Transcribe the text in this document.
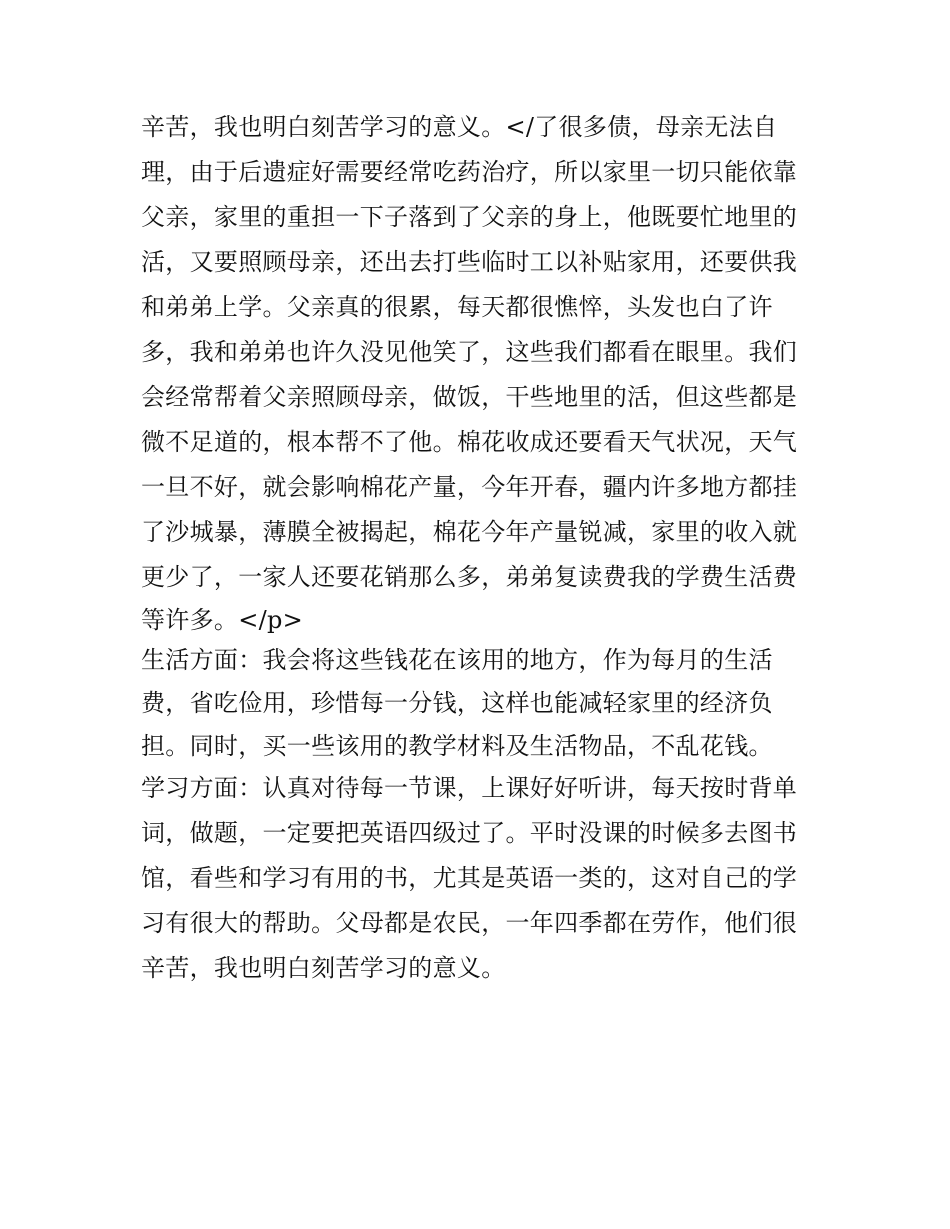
辛苦，我也明白刻苦学习的意义。</了很多债，母亲无法自
理，由于后遗症好需要经常吃药治疗，所以家里一切只能依靠
父亲，家里的重担一下子落到了父亲的身上，他既要忙地里的
活，又要照顾母亲，还出去打些临时工以补贴家用，还要供我
和弟弟上学。父亲真的很累，每天都很憔悴，头发也白了许
多，我和弟弟也许久没见他笑了，这些我们都看在眼里。我们
会经常帮着父亲照顾母亲，做饭，干些地里的活，但这些都是
微不足道的，根本帮不了他。棉花收成还要看天气状况，天气
一旦不好，就会影响棉花产量，今年开春，疆内许多地方都挂
了沙城暴，薄膜全被揭起，棉花今年产量锐减，家里的收入就
更少了，一家人还要花销那么多，弟弟复读费我的学费生活费
等许多。</p>
生活方面：我会将这些钱花在该用的地方，作为每月的生活
费，省吃俭用，珍惜每一分钱，这样也能减轻家里的经济负
担。同时，买一些该用的教学材料及生活物品，不乱花钱。
学习方面：认真对待每一节课，上课好好听讲，每天按时背单
词，做题，一定要把英语四级过了。平时没课的时候多去图书
馆，看些和学习有用的书，尤其是英语一类的，这对自己的学
习有很大的帮助。父母都是农民，一年四季都在劳作，他们很
辛苦，我也明白刻苦学习的意义。
